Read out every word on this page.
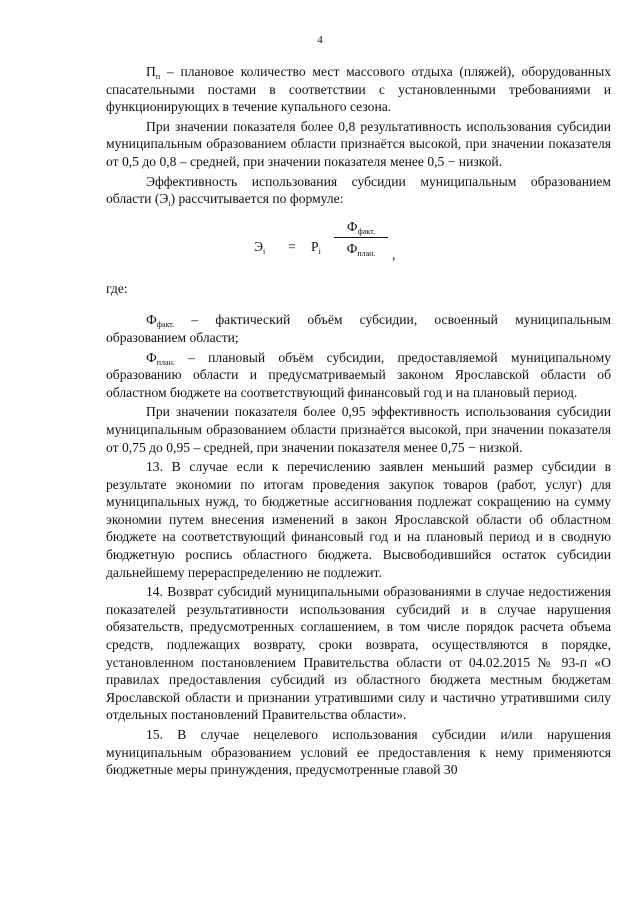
4

$П_п$ – плановое количество мест массового отдыха (пляжей), оборудованных спасательными постами в соответствии с установленными требованиями и функционирующих в течение купального сезона.

При значении показателя более 0,8 результативность использования субсидии муниципальным образованием области признаётся высокой, при значении показателя от 0,5 до 0,8 – средней, при значении показателя менее 0,5 − низкой.

Эффективность использования субсидии муниципальным образованием области $(Э_i)$ рассчитывается по формуле:

$Э_i = Р_i$
$Ф_{факт.}$
$Ф_{план.}$	,

где:

$Ф_{факт.}$ – фактический объём субсидии, освоенный муниципальным образованием области;

$Ф_{план.}$ – плановый объём субсидии, предоставляемой муниципальному образованию области и предусматриваемый законом Ярославской области об областном бюджете на соответствующий финансовый год и на плановый период.

При значении показателя более 0,95 эффективность использования субсидии муниципальным образованием области признаётся высокой, при значении показателя от 0,75 до 0,95 – средней, при значении показателя менее 0,75 − низкой.

13. В случае если к перечислению заявлен меньший размер субсидии в результате экономии по итогам проведения закупок товаров (работ, услуг) для муниципальных нужд, то бюджетные ассигнования подлежат сокращению на сумму экономии путем внесения изменений в закон Ярославской области об областном бюджете на соответствующий финансовый год и на плановый период и в сводную бюджетную роспись областного бюджета. Высвободившийся остаток субсидии дальнейшему перераспределению не подлежит.

14. Возврат субсидий муниципальными образованиями в случае недостижения показателей результативности использования субсидий и в случае нарушения обязательств, предусмотренных соглашением, в том числе порядок расчета объема средств, подлежащих возврату, сроки возврата, осуществляются в порядке, установленном постановлением Правительства области от 04.02.2015 № 93-п «О правилах предоставления субсидий из областного бюджета местным бюджетам Ярославской области и признании утратившими силу и частично утратившими силу отдельных постановлений Правительства области».

15. В случае нецелевого использования субсидии и/или нарушения муниципальным образованием условий ее предоставления к нему применяются бюджетные меры принуждения, предусмотренные главой 30
